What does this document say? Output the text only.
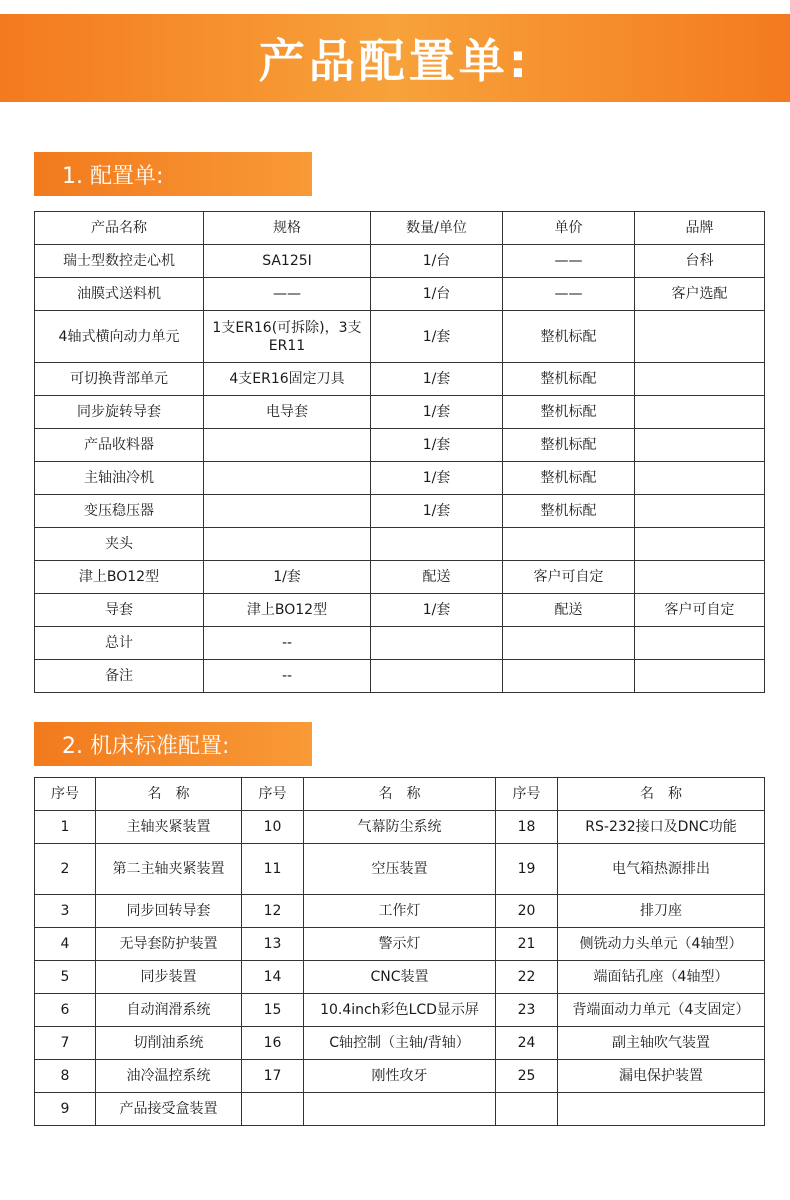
产品配置单:
1. 配置单:
产品名称	规格	数量/单位	单价	品牌
瑞士型数控走心机	SA125I	1/台	——	台科
油膜式送料机	——	1/台	——	客户选配
4轴式横向动力单元	1支ER16(可拆除)，3支ER11	1/套	整机标配	
可切换背部单元	4支ER16固定刀具	1/套	整机标配	
同步旋转导套	电导套	1/套	整机标配	
产品收料器		1/套	整机标配	
主轴油冷机		1/套	整机标配	
变压稳压器		1/套	整机标配	
夹头				
津上BO12型	1/套	配送	客户可自定	
导套	津上BO12型	1/套	配送	客户可自定
总计	--			
备注	--			
2. 机床标准配置:
序号	名　称	序号	名　称	序号	名　称
1	主轴夹紧装置	10	气幕防尘系统	18	RS-232接口及DNC功能
2	第二主轴夹紧装置	11	空压装置	19	电气箱热源排出
3	同步回转导套	12	工作灯	20	排刀座
4	无导套防护装置	13	警示灯	21	侧铣动力头单元（4轴型）
5	同步装置	14	CNC装置	22	端面钻孔座（4轴型）
6	自动润滑系统	15	10.4inch彩色LCD显示屏	23	背端面动力单元（4支固定）
7	切削油系统	16	C轴控制（主轴/背轴）	24	副主轴吹气装置
8	油冷温控系统	17	刚性攻牙	25	漏电保护装置
9	产品接受盒装置				
